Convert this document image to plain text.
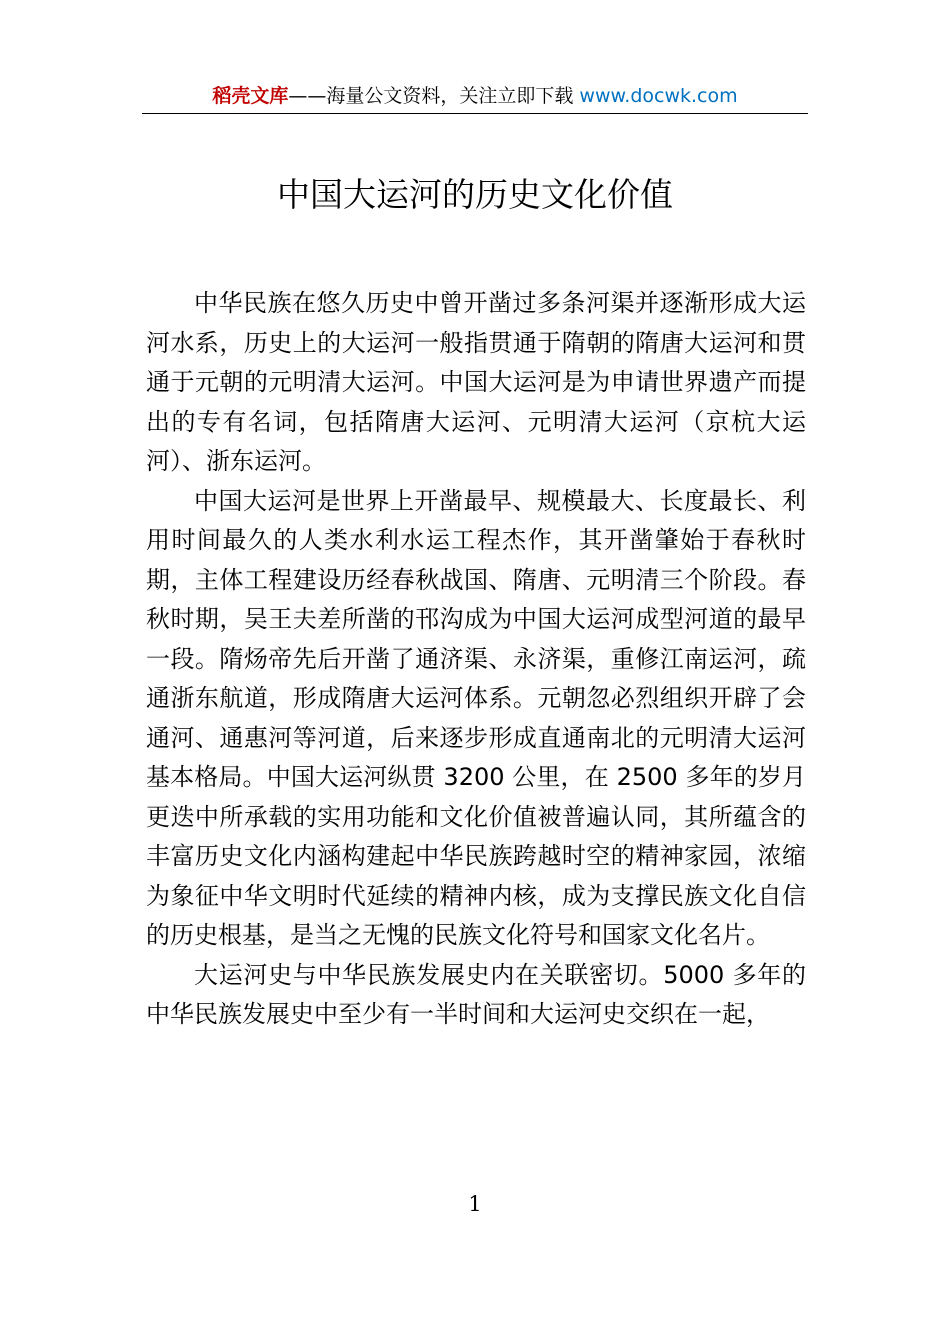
稻壳文库——海量公文资料，关注立即下载 www.docwk.com
中国大运河的历史文化价值

中华民族在悠久历史中曾开凿过多条河渠并逐渐形成大运河水系，历史上的大运河一般指贯通于隋朝的隋唐大运河和贯通于元朝的元明清大运河。中国大运河是为申请世界遗产而提出的专有名词，包括隋唐大运河、元明清大运河（京杭大运河）、浙东运河。

中国大运河是世界上开凿最早、规模最大、长度最长、利用时间最久的人类水利水运工程杰作，其开凿肇始于春秋时期，主体工程建设历经春秋战国、隋唐、元明清三个阶段。春秋时期，吴王夫差所凿的邗沟成为中国大运河成型河道的最早一段。隋炀帝先后开凿了通济渠、永济渠，重修江南运河，疏通浙东航道，形成隋唐大运河体系。元朝忽必烈组织开辟了会通河、通惠河等河道，后来逐步形成直通南北的元明清大运河基本格局。中国大运河纵贯 3200 公里，在 2500 多年的岁月更迭中所承载的实用功能和文化价值被普遍认同，其所蕴含的丰富历史文化内涵构建起中华民族跨越时空的精神家园，浓缩为象征中华文明时代延续的精神内核，成为支撑民族文化自信的历史根基，是当之无愧的民族文化符号和国家文化名片。

大运河史与中华民族发展史内在关联密切。5000 多年的中华民族发展史中至少有一半时间和大运河史交织在一起，

1
